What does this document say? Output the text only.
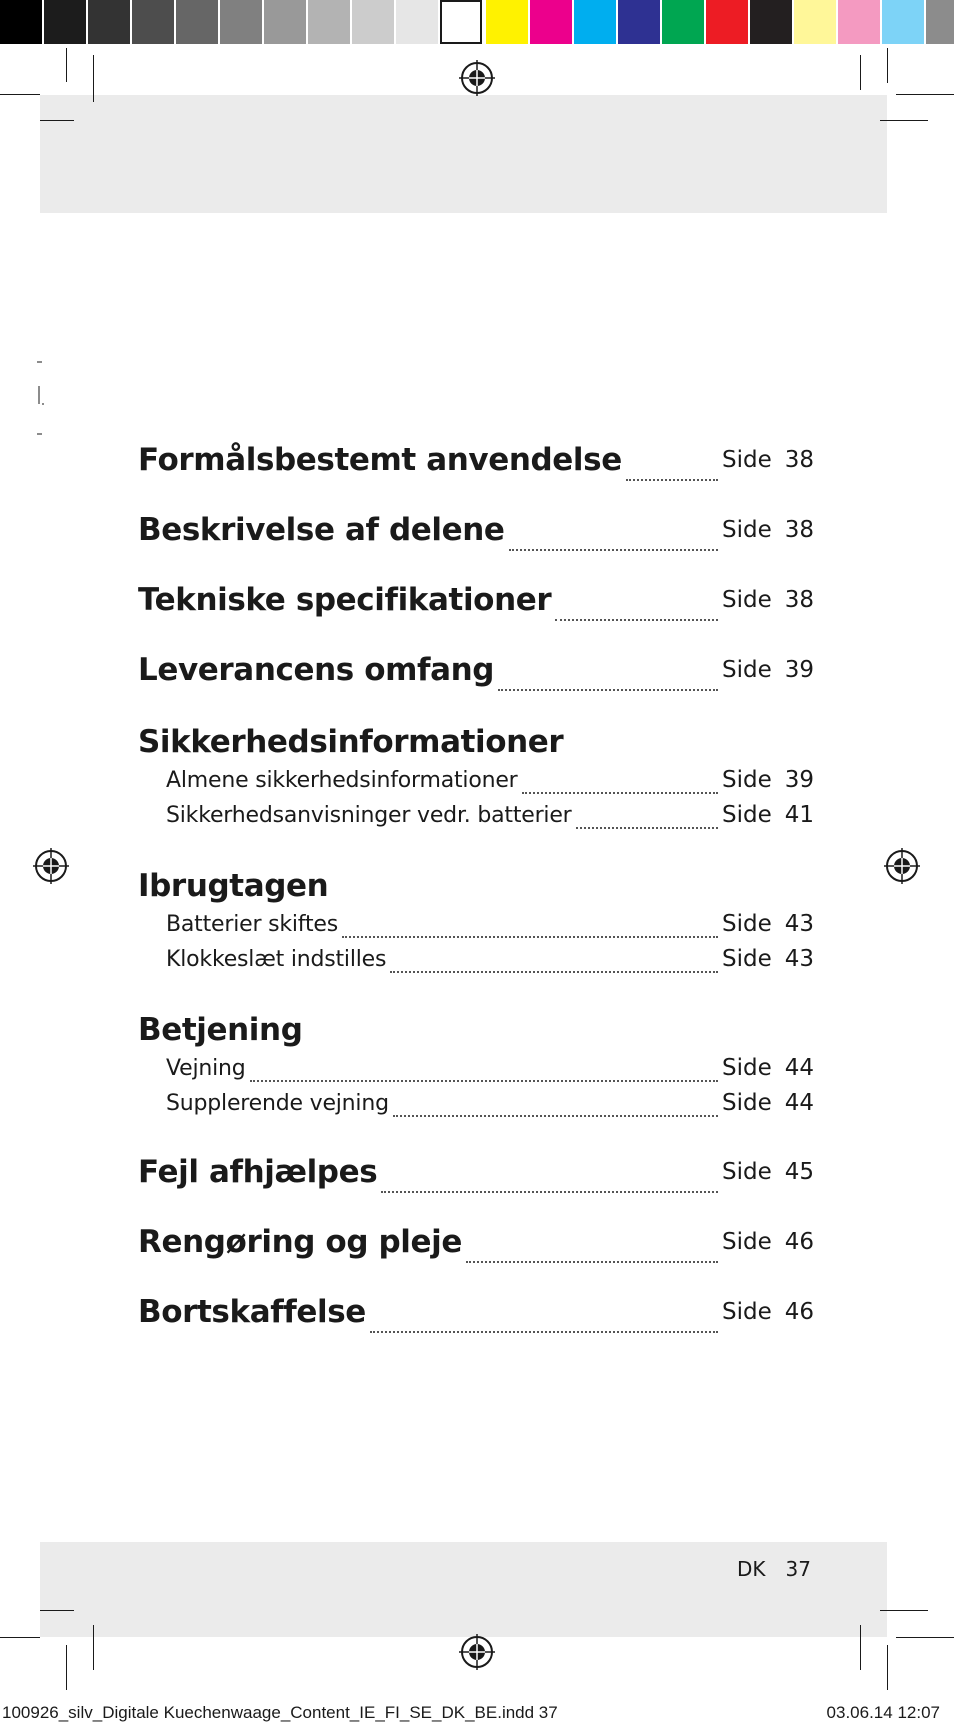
Formålsbestemt anvendelse	Side 38
Beskrivelse af delene	Side 38
Tekniske specifikationer	Side 38
Leverancens omfang	Side 39
Sikkerhedsinformationer
Almene sikkerhedsinformationer	Side 39
Sikkerhedsanvisninger vedr. batterier	Side 41
Ibrugtagen
Batterier skiftes	Side 43
Klokkeslæt indstilles	Side 43
Betjening
Vejning	Side 44
Supplerende vejning	Side 44
Fejl afhjælpes	Side 45
Rengøring og pleje	Side 46
Bortskaffelse	Side 46
DK 37
100926_silv_Digitale Kuechenwaage_Content_IE_FI_SE_DK_BE.indd 37	03.06.14 12:07
